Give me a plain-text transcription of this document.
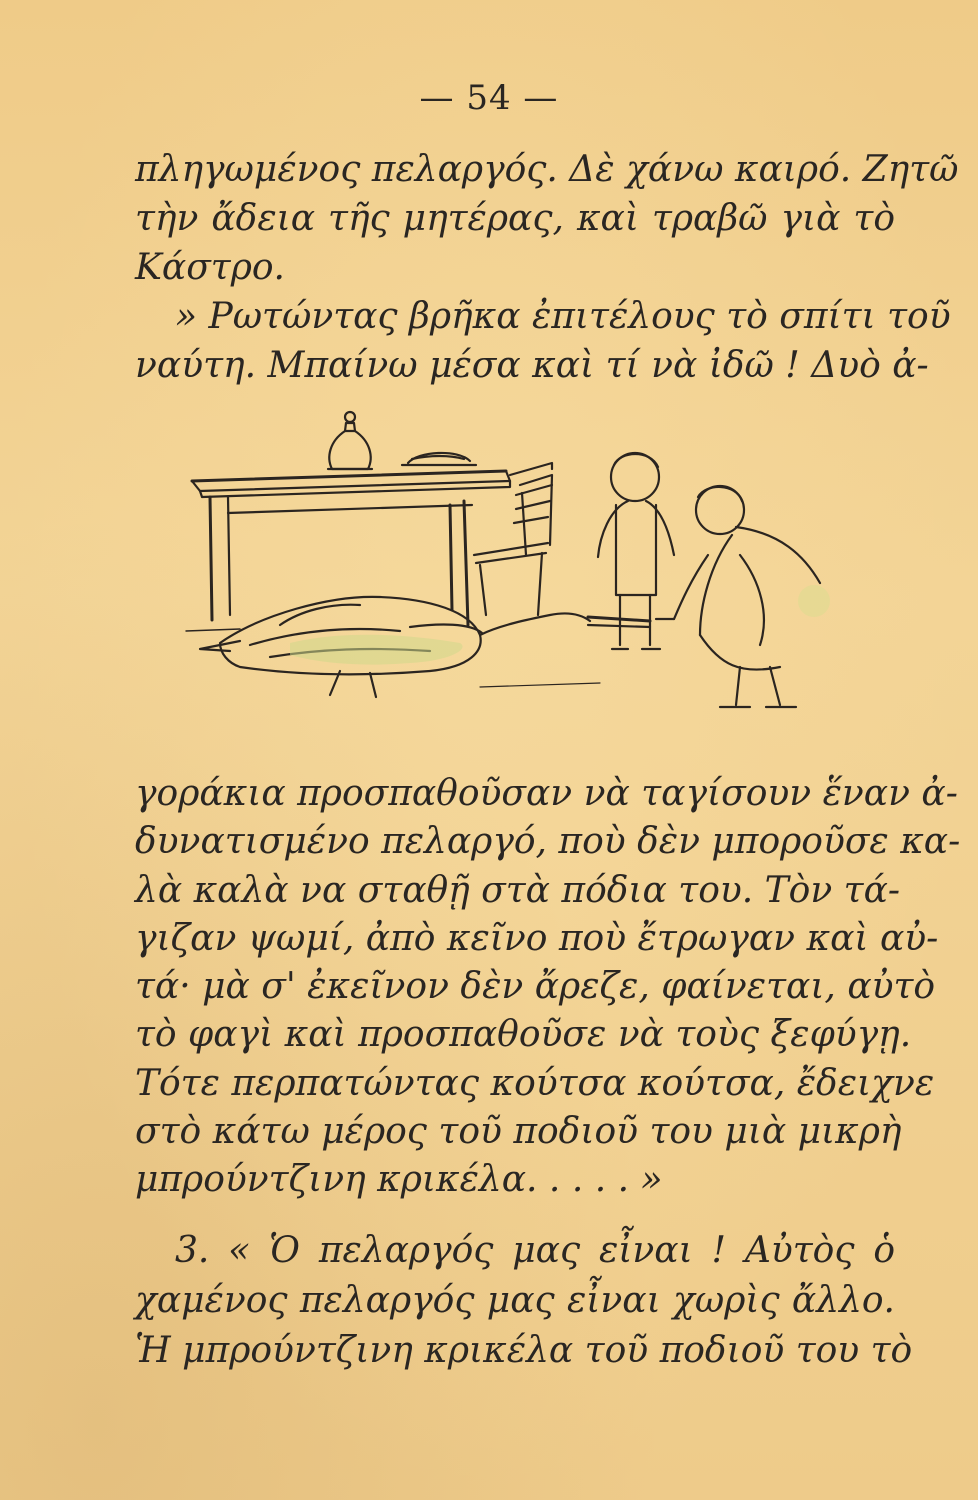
— 54 —
πληγωμένος πελαργός. Δὲ χάνω καιρό. Ζητῶ
τὴν ἄδεια τῆς μητέρας, καὶ τραβῶ γιὰ τὸ
Κάστρο.
» Ρωτώντας βρῆκα ἐπιτέλους τὸ σπίτι τοῦ
ναύτη. Μπαίνω μέσα καὶ τί νὰ ἰδῶ ! Δυὸ ἀ-
γοράκια προσπαθοῦσαν νὰ ταγίσουν ἕναν ἀ-
δυνατισμένο πελαργό, ποὺ δὲν μποροῦσε κα-
λὰ καλὰ να σταθῇ στὰ πόδια του. Τὸν τά-
γιζαν ψωμί, ἀπὸ κεῖνο ποὺ ἔτρωγαν καὶ αὐ-
τά· μὰ σ' ἐκεῖνον δὲν ἄρεζε, φαίνεται, αὐτὸ
τὸ φαγὶ καὶ προσπαθοῦσε νὰ τοὺς ξεφύγῃ.
Τότε περπατώντας κούτσα κούτσα, ἔδειχνε
στὸ κάτω μέρος τοῦ ποδιοῦ του μιὰ μικρὴ
μπρούντζινη κρικέλα. . . . . »
3. « Ὁ πελαργός μας εἶναι ! Αὐτὸς ὁ
χαμένος πελαργός μας εἶναι χωρὶς ἄλλο.
Ἡ μπρούντζινη κρικέλα τοῦ ποδιοῦ του τὸ
